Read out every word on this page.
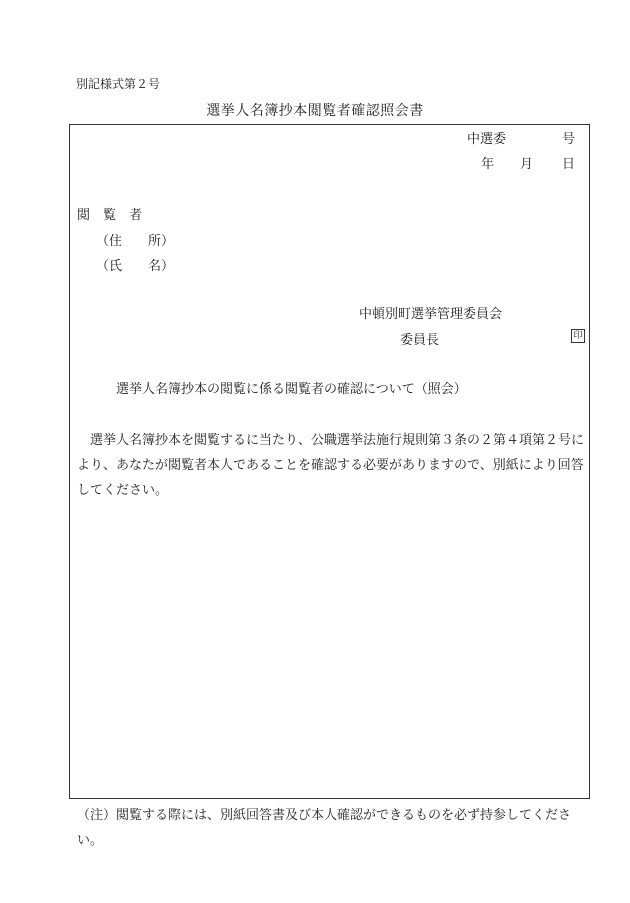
別記様式第２号
選挙人名簿抄本閲覧者確認照会書
中選委	号
年 月 日
閲　覧　者
（住　　所）
（氏　　名）
中頓別町選挙管理委員会
委員長	印
選挙人名簿抄本の閲覧に係る閲覧者の確認について（照会）
選挙人名簿抄本を閲覧するに当たり、公職選挙法施行規則第３条の２第４項第２号により、あなたが閲覧者本人であることを確認する必要がありますので、別紙により回答してください。
（注）閲覧する際には、別紙回答書及び本人確認ができるものを必ず持参してください。
